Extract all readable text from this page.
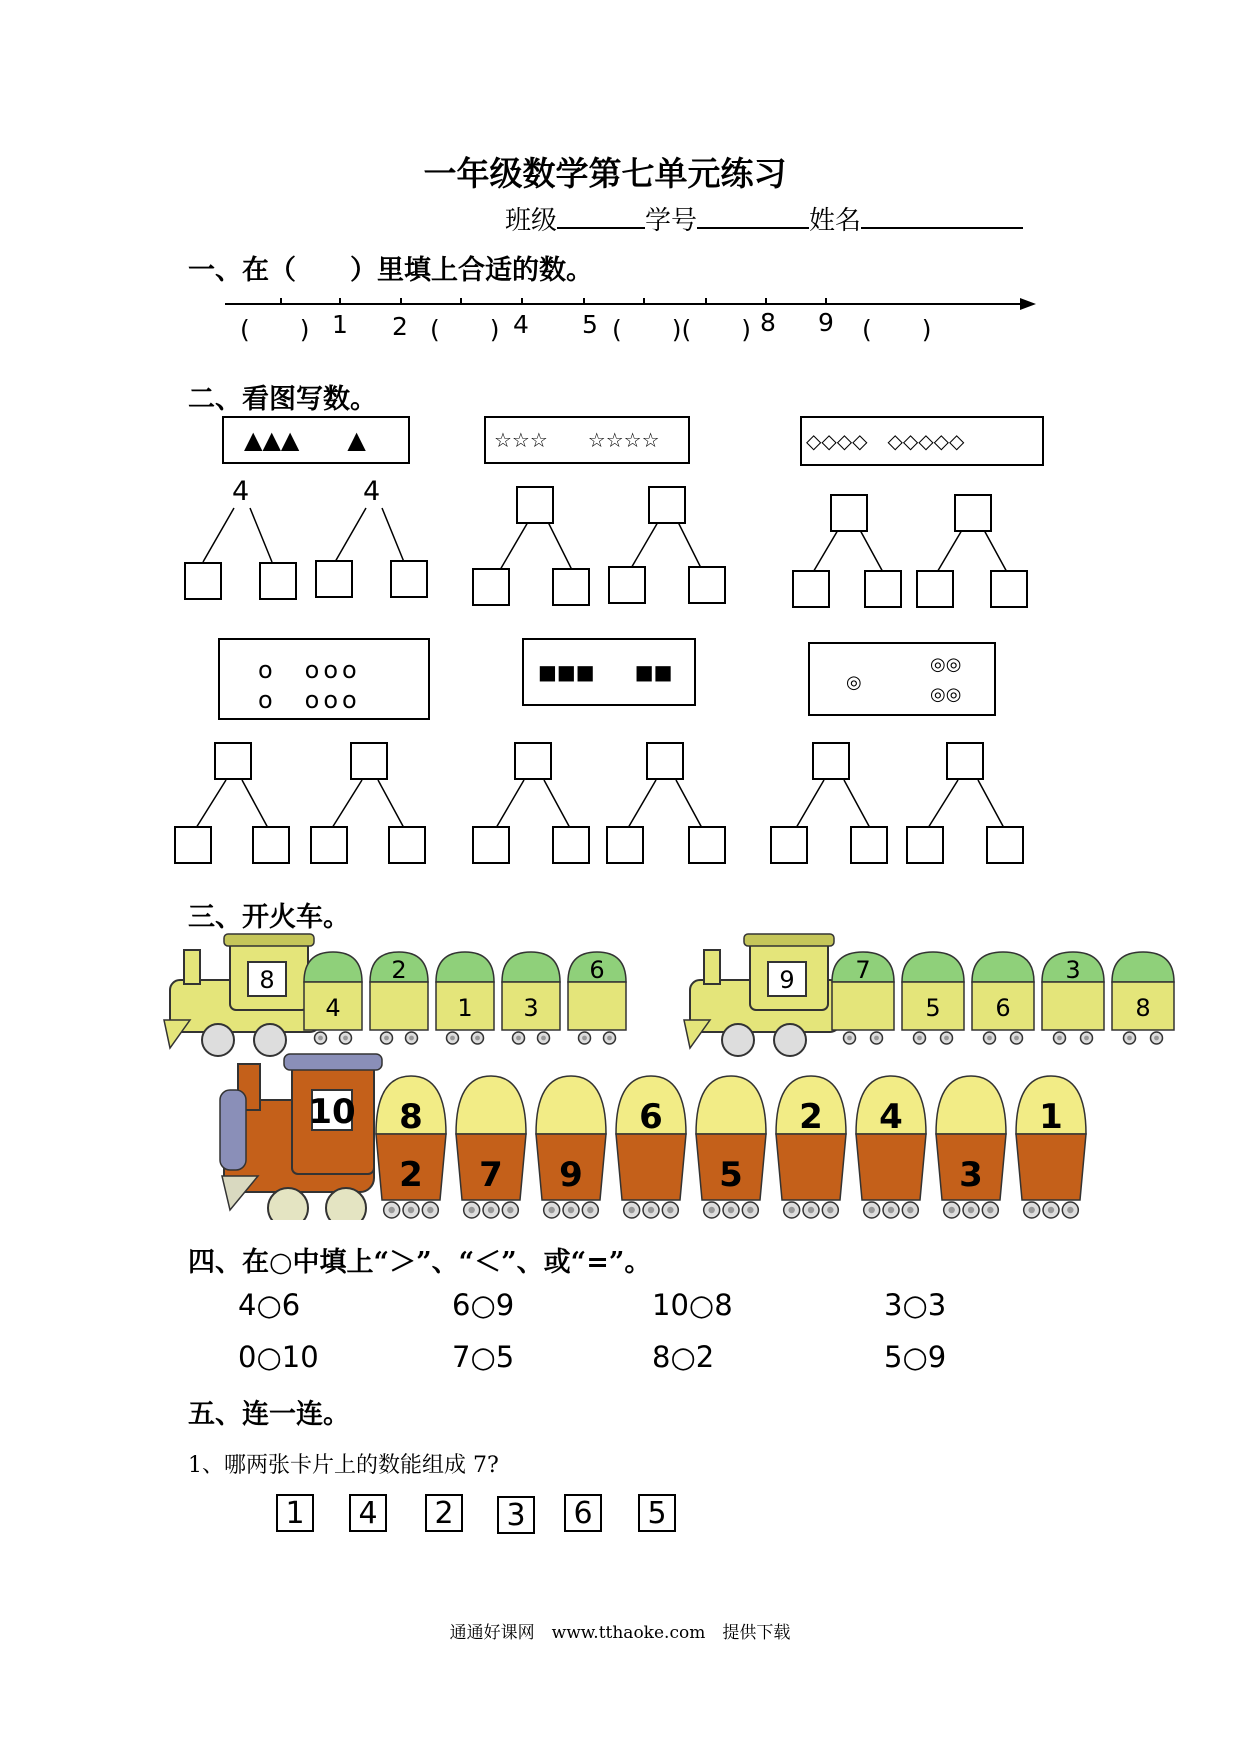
一年级数学第七单元练习
班级	学号	姓名
一、在（　　）里填上合适的数。
(　　) 1 2 (　　) 4 5 (　　)(　　) 8 9 (　　)
二、看图写数。
▲▲▲　　▲	☆☆☆　　☆☆☆☆	◇◇◇◇　◇◇◇◇◇
4	4
o　ooo
o　ooo
■■■　　■■	◎
◎◎
◎◎
三、开火车。
8
4
2
1 3
6	9	7
5 6
3
8
10 8
2 7 9
6
5
2 4
3
1
四、在○中填上“＞”、“＜”、或“=”。
4○6	6○9	10○8	3○3
0○10	7○5	8○2	5○9
五、连一连。
1、哪两张卡片上的数能组成 7?
1	4	2	3	6	5
通通好课网　www.tthaoke.com　提供下载
